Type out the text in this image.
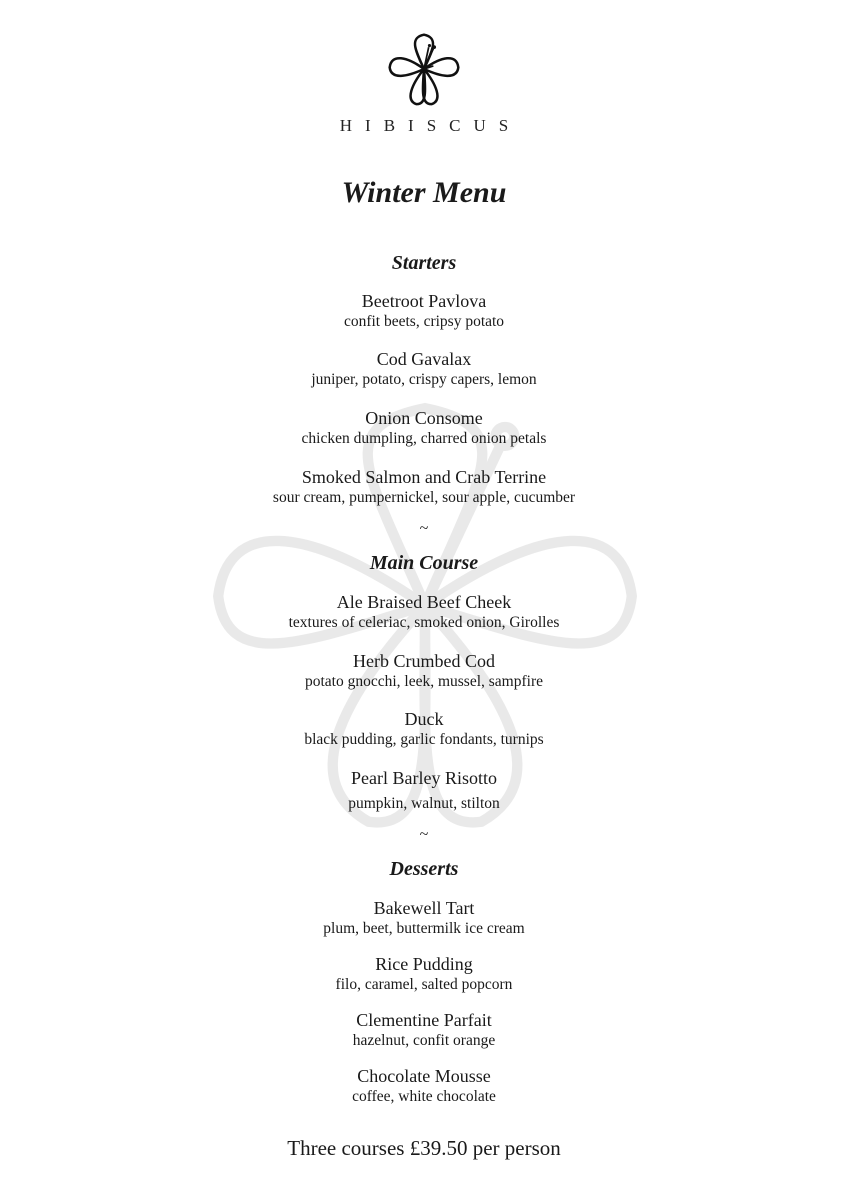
HIBISCUS
Winter Menu
Starters
Beetroot Pavlova
confit beets, cripsy potato
Cod Gavalax
juniper, potato, crispy capers, lemon
Onion Consome
chicken dumpling, charred onion petals
Smoked Salmon and Crab Terrine
sour cream, pumpernickel, sour apple, cucumber
~
Main Course
Ale Braised Beef Cheek
textures of celeriac, smoked onion, Girolles
Herb Crumbed Cod
potato gnocchi, leek, mussel, sampfire
Duck
black pudding, garlic fondants, turnips
Pearl Barley Risotto
pumpkin, walnut, stilton
~
Desserts
Bakewell Tart
plum, beet, buttermilk ice cream
Rice Pudding
filo, caramel, salted popcorn
Clementine Parfait
hazelnut, confit orange
Chocolate Mousse
coffee, white chocolate
Three courses £39.50 per person
